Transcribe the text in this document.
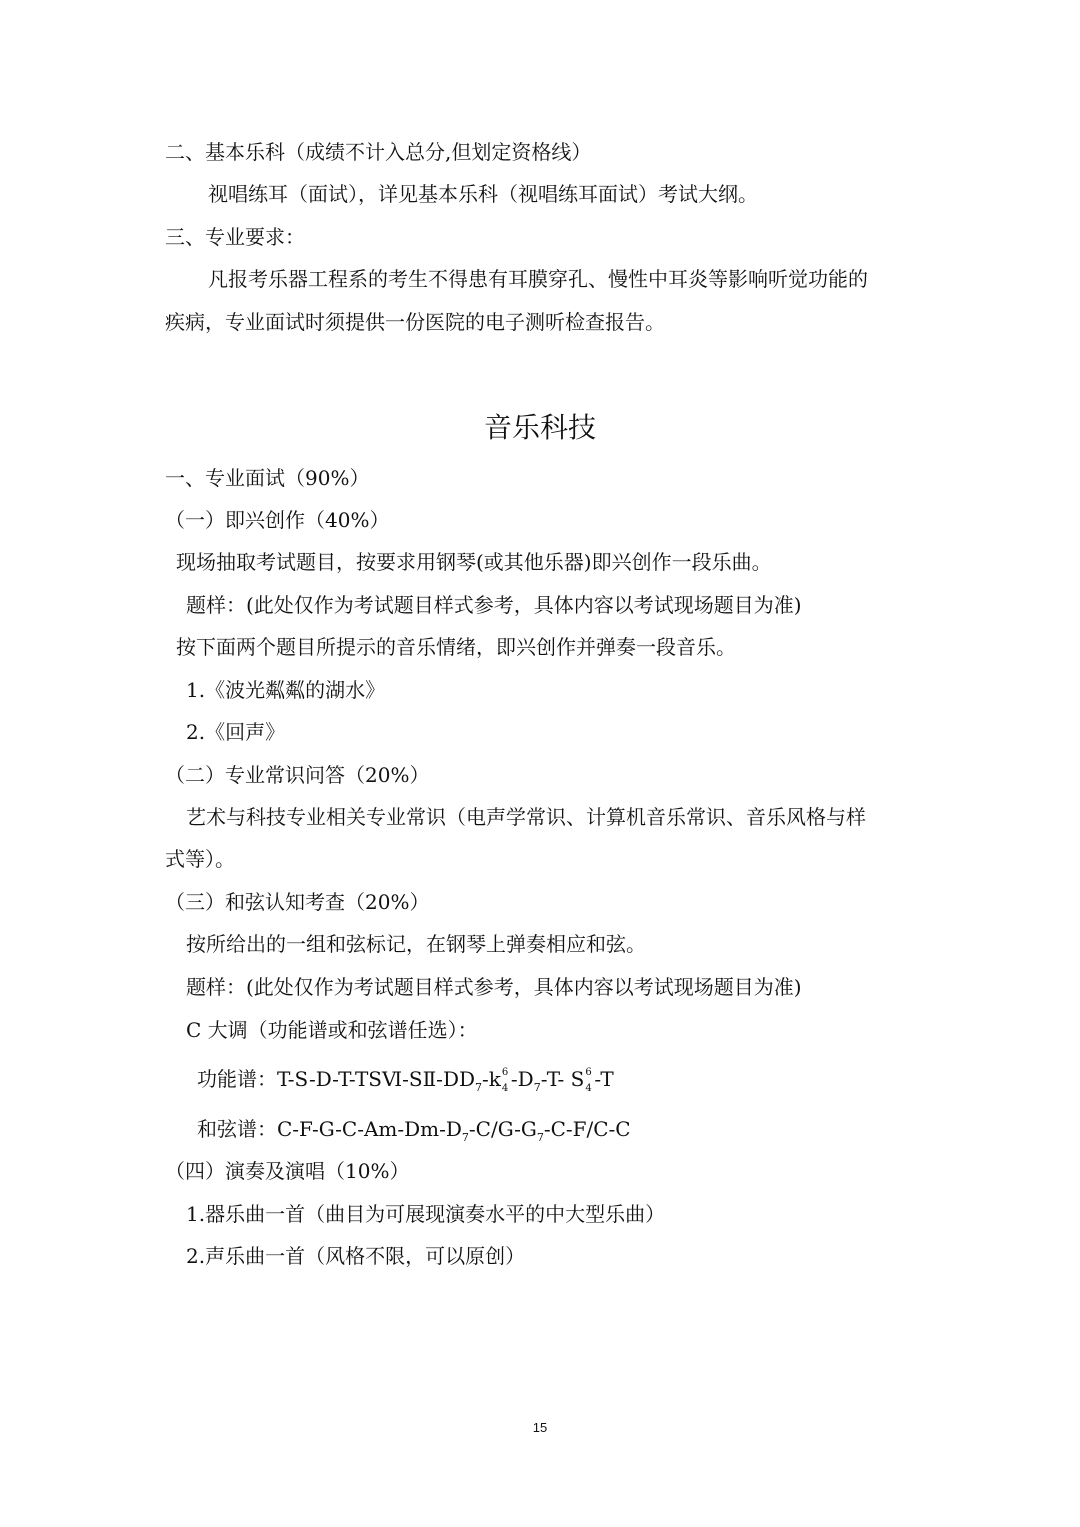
二、基本乐科（成绩不计入总分,但划定资格线）
视唱练耳（面试），详见基本乐科（视唱练耳面试）考试大纲。
三、专业要求：
凡报考乐器工程系的考生不得患有耳膜穿孔、慢性中耳炎等影响听觉功能的
疾病，专业面试时须提供一份医院的电子测听检查报告。
音乐科技
一、专业面试（90%）
（一）即兴创作（40%）
现场抽取考试题目，按要求用钢琴(或其他乐器)即兴创作一段乐曲。
题样：(此处仅作为考试题目样式参考，具体内容以考试现场题目为准)
按下面两个题目所提示的音乐情绪，即兴创作并弹奏一段音乐。
1.《波光粼粼的湖水》
2.《回声》
（二）专业常识问答（20%）
艺术与科技专业相关专业常识（电声学常识、计算机音乐常识、音乐风格与样
式等）。
（三）和弦认知考查（20%）
按所给出的一组和弦标记，在钢琴上弹奏相应和弦。
题样：(此处仅作为考试题目样式参考，具体内容以考试现场题目为准)
C 大调（功能谱或和弦谱任选）：
功能谱：$T-S-D-T-TSⅥ-SⅡ-DD_7-k$ 6
4 $-D_7-T-$ S 6
4 -T
和弦谱：$C-F-G-C-Am-Dm-D_7-C/G-G_7-C-F/C-C$
（四）演奏及演唱（10%）
1.器乐曲一首（曲目为可展现演奏水平的中大型乐曲）
2.声乐曲一首（风格不限，可以原创）
15
